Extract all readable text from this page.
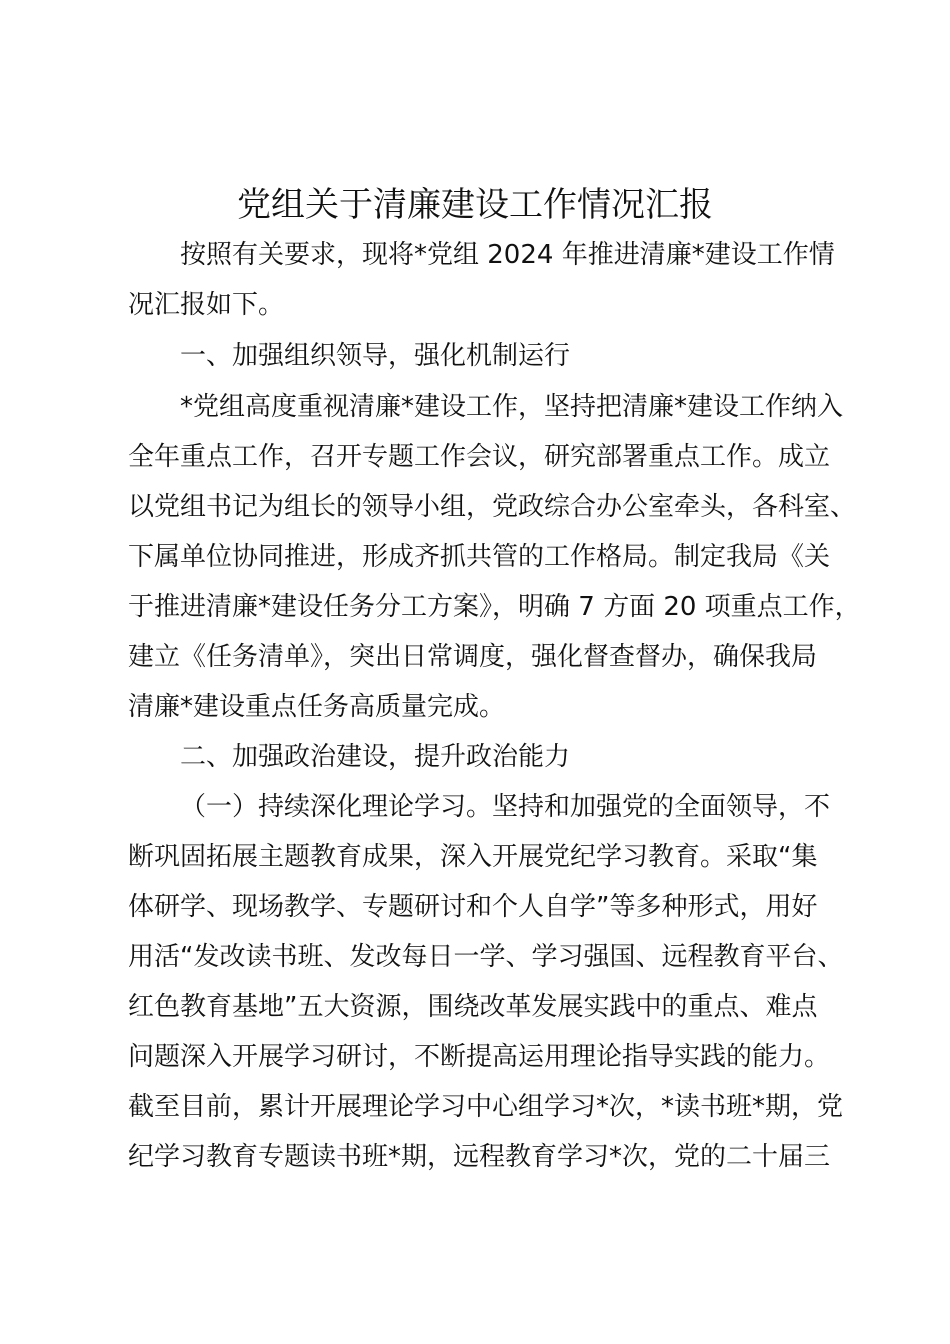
党组关于清廉建设工作情况汇报
按照有关要求，现将*党组 2024 年推进清廉*建设工作情
况汇报如下。
一、加强组织领导，强化机制运行
*党组高度重视清廉*建设工作，坚持把清廉*建设工作纳入
全年重点工作，召开专题工作会议，研究部署重点工作。成立
以党组书记为组长的领导小组，党政综合办公室牵头，各科室、
下属单位协同推进，形成齐抓共管的工作格局。制定我局《关
于推进清廉*建设任务分工方案》，明确 7 方面 20 项重点工作，
建立《任务清单》，突出日常调度，强化督查督办，确保我局
清廉*建设重点任务高质量完成。
二、加强政治建设，提升政治能力
（一）持续深化理论学习。坚持和加强党的全面领导，不
断巩固拓展主题教育成果，深入开展党纪学习教育。采取“集
体研学、现场教学、专题研讨和个人自学”等多种形式，用好
用活“发改读书班、发改每日一学、学习强国、远程教育平台、
红色教育基地”五大资源，围绕改革发展实践中的重点、难点
问题深入开展学习研讨，不断提高运用理论指导实践的能力。
截至目前，累计开展理论学习中心组学习*次，*读书班*期，党
纪学习教育专题读书班*期，远程教育学习*次，党的二十届三
